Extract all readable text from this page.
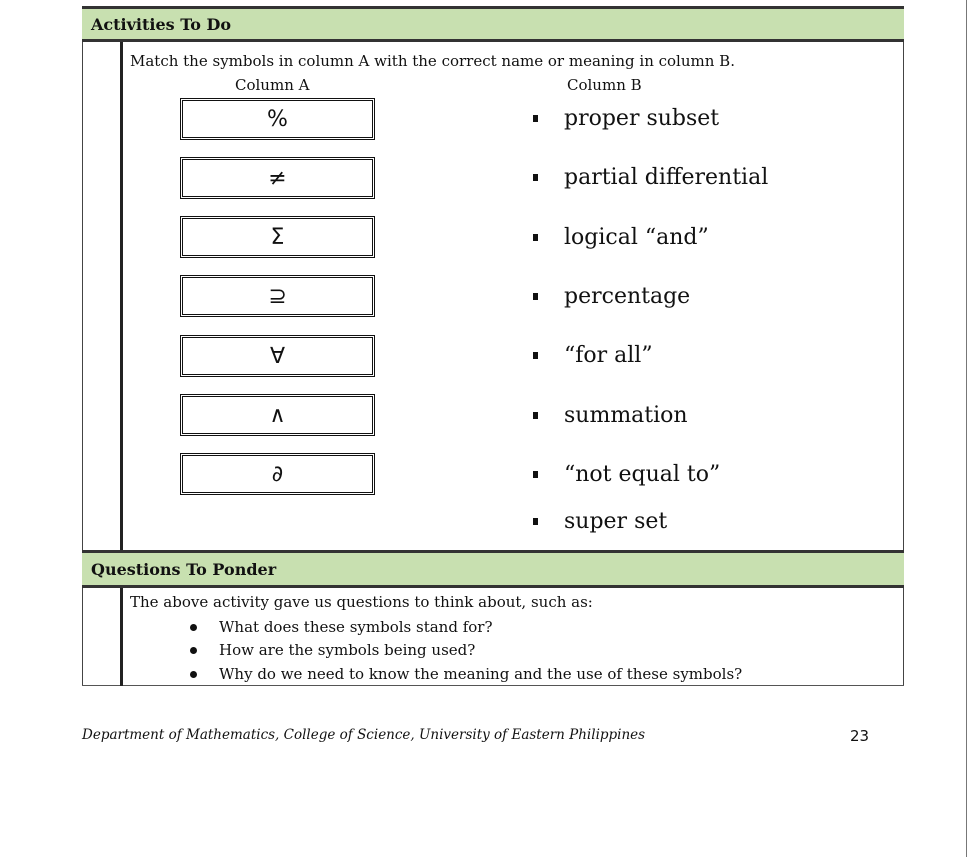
Activities To Do
Match the symbols in column A with the correct name or meaning in column B.
Column A	Column B
%
≠
Σ
⊇
∀
∧
∂
proper subset
partial differential
logical “and”
percentage
“for all”
summation
“not equal to”
super set
Questions To Ponder
The above activity gave us questions to think about, such as:
What does these symbols stand for?
How are the symbols being used?
Why do we need to know the meaning and the use of these symbols?
Department of Mathematics, College of Science, University of Eastern Philippines	23
